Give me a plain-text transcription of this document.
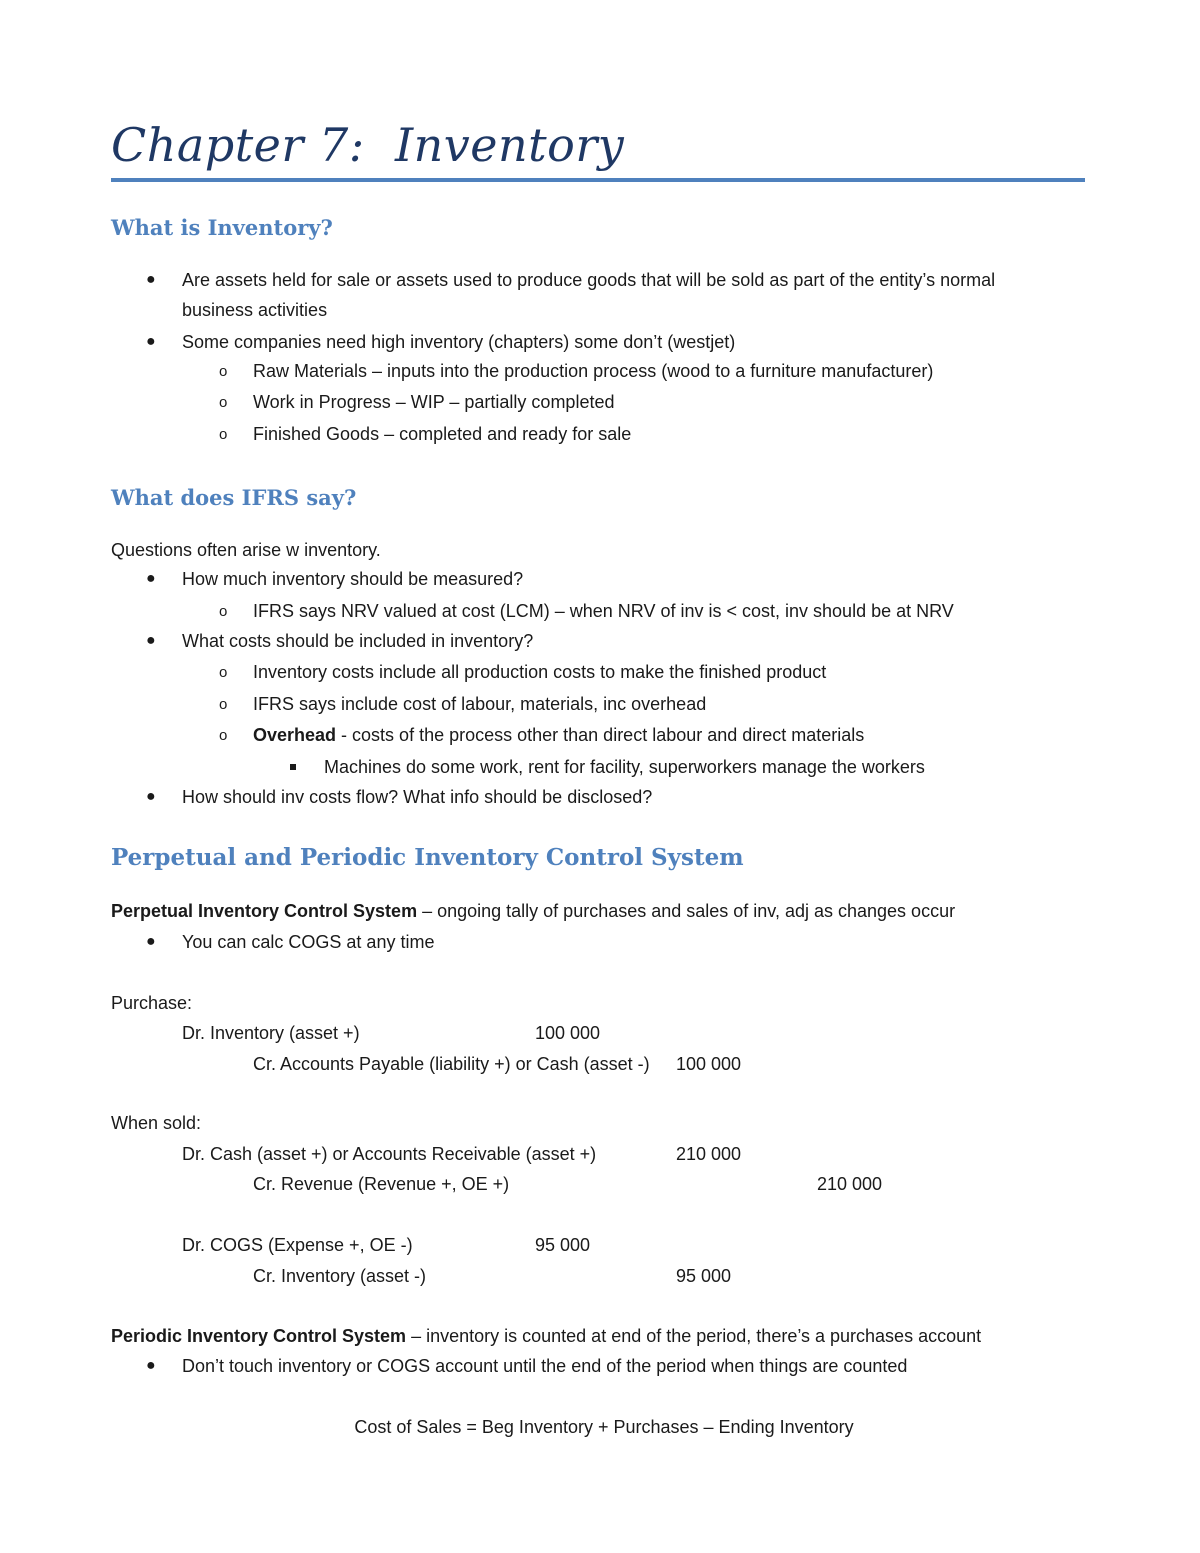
Chapter 7: Inventory
What is Inventory?
● Are assets held for sale or assets used to produce goods that will be sold as part of the entity’s normal
business activities
● Some companies need high inventory (chapters) some don’t (westjet)
o Raw Materials – inputs into the production process (wood to a furniture manufacturer)
o Work in Progress – WIP – partially completed
o Finished Goods – completed and ready for sale
What does IFRS say?
Questions often arise w inventory.
● How much inventory should be measured?
o IFRS says NRV valued at cost (LCM) – when NRV of inv is < cost, inv should be at NRV
● What costs should be included in inventory?
o Inventory costs include all production costs to make the finished product
o IFRS says include cost of labour, materials, inc overhead
o Overhead - costs of the process other than direct labour and direct materials
Machines do some work, rent for facility, superworkers manage the workers
● How should inv costs flow? What info should be disclosed?
Perpetual and Periodic Inventory Control System
Perpetual Inventory Control System – ongoing tally of purchases and sales of inv, adj as changes occur
● You can calc COGS at any time
Purchase:
Dr. Inventory (asset +)	100 000
Cr. Accounts Payable (liability +) or Cash (asset -) 100 000
When sold:
Dr. Cash (asset +) or Accounts Receivable (asset +)	210 000
Cr. Revenue (Revenue +, OE +)	210 000
Dr. COGS (Expense +, OE -)	95 000
Cr. Inventory (asset -)	95 000
Periodic Inventory Control System – inventory is counted at end of the period, there’s a purchases account
● Don’t touch inventory or COGS account until the end of the period when things are counted
Cost of Sales = Beg Inventory + Purchases – Ending Inventory
